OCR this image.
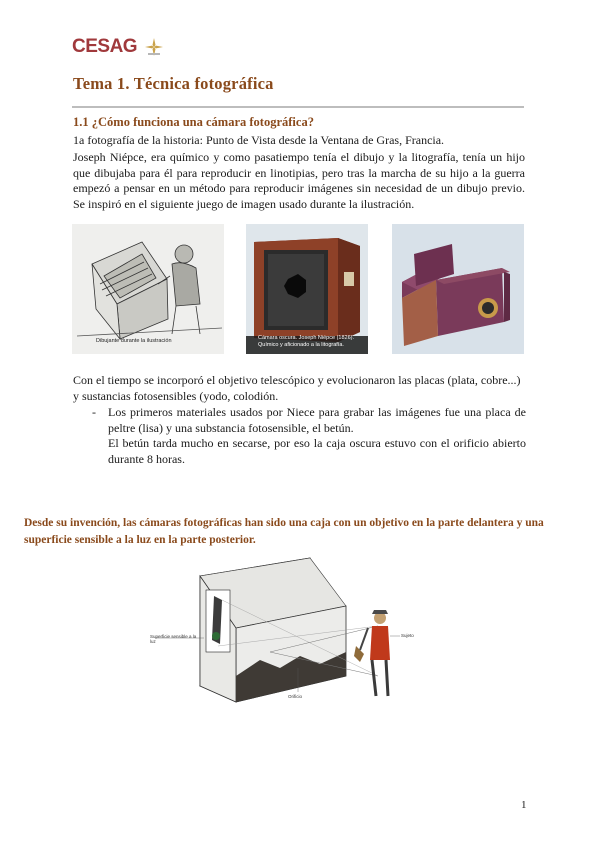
CESAG
Tema 1. Técnica fotográfica
1.1 ¿Cómo funciona una cámara fotográfica?
1a fotografía de la historia: Punto de Vista desde la Ventana de Gras, Francia.
Joseph Niépce, era químico y como pasatiempo tenía el dibujo y la litografía, tenía un hijo que dibujaba para él para reproducir en linotipias, pero tras la marcha de su hijo a la guerra empezó a pensar en un método para reproducir imágenes sin necesidad de un dibujo previo. Se inspiró en el siguiente juego de imagen usado durante la ilustración.
Dibujante durante la ilustración	Cámara oscura. Joseph Niépce (1826). Químico y aficionado a la litografía.
Con el tiempo se incorporó el objetivo telescópico y evolucionaron las placas (plata, cobre...) y sustancias fotosensibles (yodo, colodión.
- Los primeros materiales usados por Niece para grabar las imágenes fue una placa de peltre (lisa) y una substancia fotosensible, el betún.
El betún tarda mucho en secarse, por eso la caja oscura estuvo con el orificio abierto durante 8 horas.
Desde su invención, las cámaras fotográficas han sido una caja con un objetivo en la parte delantera y una superficie sensible a la luz en la parte posterior.
Superficie sensible a la luz
Orificio
Sujeto
1
